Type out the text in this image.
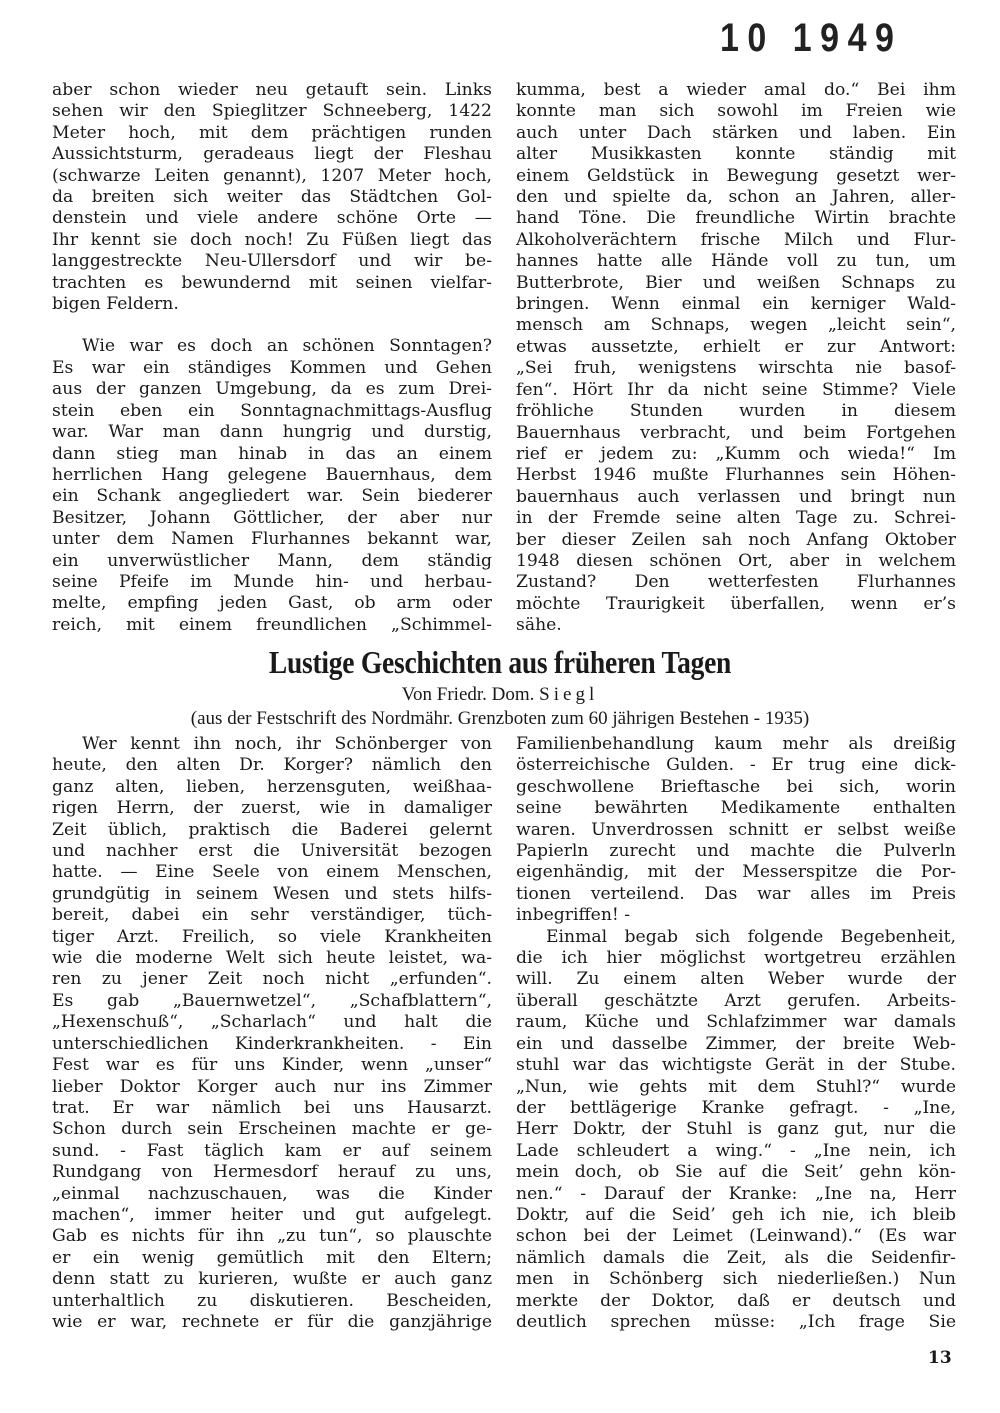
10 1949
aber schon wieder neu getauft sein. Links
sehen wir den Spieglitzer Schneeberg, 1422
Meter hoch, mit dem prächtigen runden
Aussichtsturm, geradeaus liegt der Fleshau
(schwarze Leiten genannt), 1207 Meter hoch,
da breiten sich weiter das Städtchen Gol-
denstein und viele andere schöne Orte —
Ihr kennt sie doch noch! Zu Füßen liegt das
langgestreckte Neu-Ullersdorf und wir be-
trachten es bewundernd mit seinen vielfar-
bigen Feldern.
Wie war es doch an schönen Sonntagen?
Es war ein ständiges Kommen und Gehen
aus der ganzen Umgebung, da es zum Drei-
stein eben ein Sonntagnachmittags-Ausflug
war. War man dann hungrig und durstig,
dann stieg man hinab in das an einem
herrlichen Hang gelegene Bauernhaus, dem
ein Schank angegliedert war. Sein biederer
Besitzer, Johann Göttlicher, der aber nur
unter dem Namen Flurhannes bekannt war,
ein unverwüstlicher Mann, dem ständig
seine Pfeife im Munde hin- und herbau-
melte, empfing jeden Gast, ob arm oder
reich, mit einem freundlichen „Schimmel-
kumma, best a wieder amal do.“ Bei ihm
konnte man sich sowohl im Freien wie
auch unter Dach stärken und laben. Ein
alter Musikkasten konnte ständig mit
einem Geldstück in Bewegung gesetzt wer-
den und spielte da, schon an Jahren, aller-
hand Töne. Die freundliche Wirtin brachte
Alkoholverächtern frische Milch und Flur-
hannes hatte alle Hände voll zu tun, um
Butterbrote, Bier und weißen Schnaps zu
bringen. Wenn einmal ein kerniger Wald-
mensch am Schnaps, wegen „leicht sein“,
etwas aussetzte, erhielt er zur Antwort:
„Sei fruh, wenigstens wirschta nie basof-
fen“. Hört Ihr da nicht seine Stimme? Viele
fröhliche Stunden wurden in diesem
Bauernhaus verbracht, und beim Fortgehen
rief er jedem zu: „Kumm och wieda!“ Im
Herbst 1946 mußte Flurhannes sein Höhen-
bauernhaus auch verlassen und bringt nun
in der Fremde seine alten Tage zu. Schrei-
ber dieser Zeilen sah noch Anfang Oktober
1948 diesen schönen Ort, aber in welchem
Zustand? Den wetterfesten Flurhannes
möchte Traurigkeit überfallen, wenn er’s
sähe.
Lustige Geschichten aus früheren Tagen
Von Friedr. Dom. Siegl
(aus der Festschrift des Nordmähr. Grenzboten zum 60 jährigen Bestehen - 1935)
Wer kennt ihn noch, ihr Schönberger von
heute, den alten Dr. Korger? nämlich den
ganz alten, lieben, herzensguten, weißhaa-
rigen Herrn, der zuerst, wie in damaliger
Zeit üblich, praktisch die Baderei gelernt
und nachher erst die Universität bezogen
hatte. — Eine Seele von einem Menschen,
grundgütig in seinem Wesen und stets hilfs-
bereit, dabei ein sehr verständiger, tüch-
tiger Arzt. Freilich, so viele Krankheiten
wie die moderne Welt sich heute leistet, wa-
ren zu jener Zeit noch nicht „erfunden“.
Es gab „Bauernwetzel“, „Schafblattern“,
„Hexenschuß“, „Scharlach“ und halt die
unterschiedlichen Kinderkrankheiten. - Ein
Fest war es für uns Kinder, wenn „unser“
lieber Doktor Korger auch nur ins Zimmer
trat. Er war nämlich bei uns Hausarzt.
Schon durch sein Erscheinen machte er ge-
sund. - Fast täglich kam er auf seinem
Rundgang von Hermesdorf herauf zu uns,
„einmal nachzuschauen, was die Kinder
machen“, immer heiter und gut aufgelegt.
Gab es nichts für ihn „zu tun“, so plauschte
er ein wenig gemütlich mit den Eltern;
denn statt zu kurieren, wußte er auch ganz
unterhaltlich zu diskutieren. Bescheiden,
wie er war, rechnete er für die ganzjährige
Familienbehandlung kaum mehr als dreißig
österreichische Gulden. - Er trug eine dick-
geschwollene Brieftasche bei sich, worin
seine bewährten Medikamente enthalten
waren. Unverdrossen schnitt er selbst weiße
Papierln zurecht und machte die Pulverln
eigenhändig, mit der Messerspitze die Por-
tionen verteilend. Das war alles im Preis
inbegriffen! -
Einmal begab sich folgende Begebenheit,
die ich hier möglichst wortgetreu erzählen
will. Zu einem alten Weber wurde der
überall geschätzte Arzt gerufen. Arbeits-
raum, Küche und Schlafzimmer war damals
ein und dasselbe Zimmer, der breite Web-
stuhl war das wichtigste Gerät in der Stube.
„Nun, wie gehts mit dem Stuhl?“ wurde
der bettlägerige Kranke gefragt. - „Ine,
Herr Doktr, der Stuhl is ganz gut, nur die
Lade schleudert a wing.“ - „Ine nein, ich
mein doch, ob Sie auf die Seit’ gehn kön-
nen.“ - Darauf der Kranke: „Ine na, Herr
Doktr, auf die Seid’ geh ich nie, ich bleib
schon bei der Leimet (Leinwand).“ (Es war
nämlich damals die Zeit, als die Seidenfir-
men in Schönberg sich niederließen.) Nun
merkte der Doktor, daß er deutsch und
deutlich sprechen müsse: „Ich frage Sie
13
